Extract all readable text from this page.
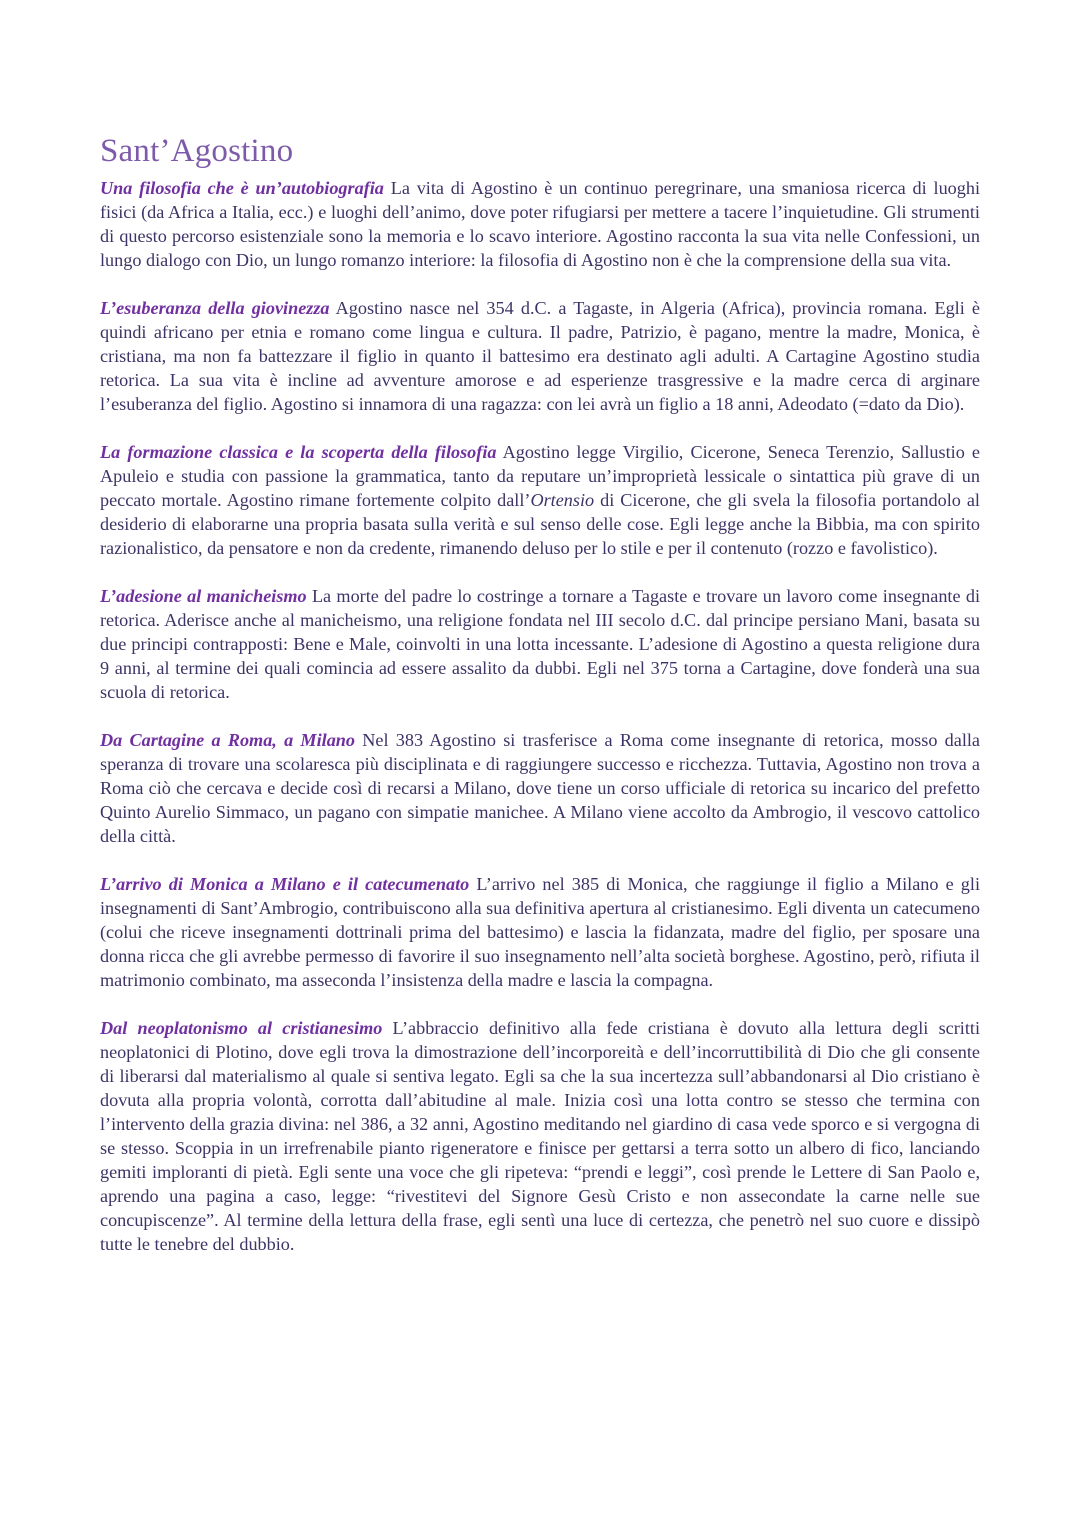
Sant’Agostino

Una filosofia che è un’autobiografia La vita di Agostino è un continuo peregrinare, una smaniosa ricerca di luoghi fisici (da Africa a Italia, ecc.) e luoghi dell’animo, dove poter rifugiarsi per mettere a tacere l’inquietudine. Gli strumenti di questo percorso esistenziale sono la memoria e lo scavo interiore. Agostino racconta la sua vita nelle Confessioni, un lungo dialogo con Dio, un lungo romanzo interiore: la filosofia di Agostino non è che la comprensione della sua vita.

L’esuberanza della giovinezza Agostino nasce nel 354 d.C. a Tagaste, in Algeria (Africa), provincia romana. Egli è quindi africano per etnia e romano come lingua e cultura. Il padre, Patrizio, è pagano, mentre la madre, Monica, è cristiana, ma non fa battezzare il figlio in quanto il battesimo era destinato agli adulti. A Cartagine Agostino studia retorica. La sua vita è incline ad avventure amorose e ad esperienze trasgressive e la madre cerca di arginare l’esuberanza del figlio. Agostino si innamora di una ragazza: con lei avrà un figlio a 18 anni, Adeodato (=dato da Dio).

La formazione classica e la scoperta della filosofia Agostino legge Virgilio, Cicerone, Seneca Terenzio, Sallustio e Apuleio e studia con passione la grammatica, tanto da reputare un’improprietà lessicale o sintattica più grave di un peccato mortale. Agostino rimane fortemente colpito dall’Ortensio di Cicerone, che gli svela la filosofia portandolo al desiderio di elaborarne una propria basata sulla verità e sul senso delle cose. Egli legge anche la Bibbia, ma con spirito razionalistico, da pensatore e non da credente, rimanendo deluso per lo stile e per il contenuto (rozzo e favolistico).

L’adesione al manicheismo La morte del padre lo costringe a tornare a Tagaste e trovare un lavoro come insegnante di retorica. Aderisce anche al manicheismo, una religione fondata nel III secolo d.C. dal principe persiano Mani, basata su due principi contrapposti: Bene e Male, coinvolti in una lotta incessante. L’adesione di Agostino a questa religione dura 9 anni, al termine dei quali comincia ad essere assalito da dubbi. Egli nel 375 torna a Cartagine, dove fonderà una sua scuola di retorica.

Da Cartagine a Roma, a Milano Nel 383 Agostino si trasferisce a Roma come insegnante di retorica, mosso dalla speranza di trovare una scolaresca più disciplinata e di raggiungere successo e ricchezza. Tuttavia, Agostino non trova a Roma ciò che cercava e decide così di recarsi a Milano, dove tiene un corso ufficiale di retorica su incarico del prefetto Quinto Aurelio Simmaco, un pagano con simpatie manichee. A Milano viene accolto da Ambrogio, il vescovo cattolico della città.

L’arrivo di Monica a Milano e il catecumenato L’arrivo nel 385 di Monica, che raggiunge il figlio a Milano e gli insegnamenti di Sant’Ambrogio, contribuiscono alla sua definitiva apertura al cristianesimo. Egli diventa un catecumeno (colui che riceve insegnamenti dottrinali prima del battesimo) e lascia la fidanzata, madre del figlio, per sposare una donna ricca che gli avrebbe permesso di favorire il suo insegnamento nell’alta società borghese. Agostino, però, rifiuta il matrimonio combinato, ma asseconda l’insistenza della madre e lascia la compagna.

Dal neoplatonismo al cristianesimo L’abbraccio definitivo alla fede cristiana è dovuto alla lettura degli scritti neoplatonici di Plotino, dove egli trova la dimostrazione dell’incorporeità e dell’incorruttibilità di Dio che gli consente di liberarsi dal materialismo al quale si sentiva legato. Egli sa che la sua incertezza sull’abbandonarsi al Dio cristiano è dovuta alla propria volontà, corrotta dall’abitudine al male. Inizia così una lotta contro se stesso che termina con l’intervento della grazia divina: nel 386, a 32 anni, Agostino meditando nel giardino di casa vede sporco e si vergogna di se stesso. Scoppia in un irrefrenabile pianto rigeneratore e finisce per gettarsi a terra sotto un albero di fico, lanciando gemiti imploranti di pietà. Egli sente una voce che gli ripeteva: “prendi e leggi”, così prende le Lettere di San Paolo e, aprendo una pagina a caso, legge: “rivestitevi del Signore Gesù Cristo e non assecondate la carne nelle sue concupiscenze”. Al termine della lettura della frase, egli sentì una luce di certezza, che penetrò nel suo cuore e dissipò tutte le tenebre del dubbio.
